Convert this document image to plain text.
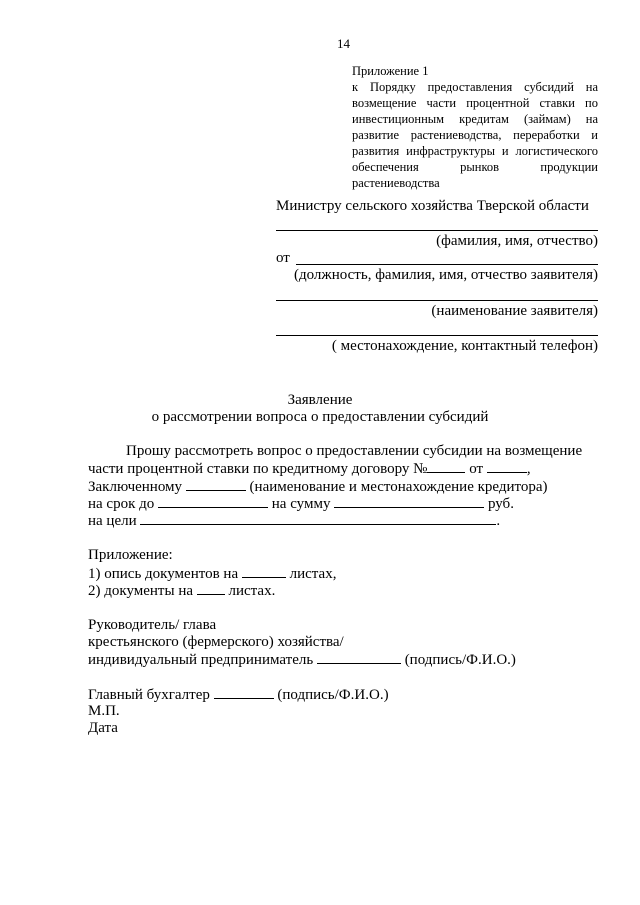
14
Приложение 1
к Порядку предоставления субсидий на
возмещение части процентной ставки по
инвестиционным кредитам (займам) на
развитие растениеводства, переработки и
развития инфраструктуры и логистического
обеспечения рынков продукции
растениеводства
Министру сельского хозяйства Тверской области
(фамилия, имя, отчество)
от
(должность, фамилия, имя, отчество заявителя)
(наименование заявителя)
( местонахождение, контактный телефон)
Заявление
о рассмотрении вопроса о предоставлении субсидий
Прошу рассмотреть вопрос о предоставлении субсидии на возмещение
части процентной ставки по кредитному договору №	от	,
Заключенному	(наименование и местонахождение кредитора)
на срок до	на сумму	руб.
на цели	.
Приложение:
1) опись документов на	листах,
2) документы на листах.
Руководитель/ глава
крестьянского (фермерского) хозяйства/
индивидуальный предприниматель	(подпись/Ф.И.О.)
Главный бухгалтер	(подпись/Ф.И.О.)
М.П.
Дата
